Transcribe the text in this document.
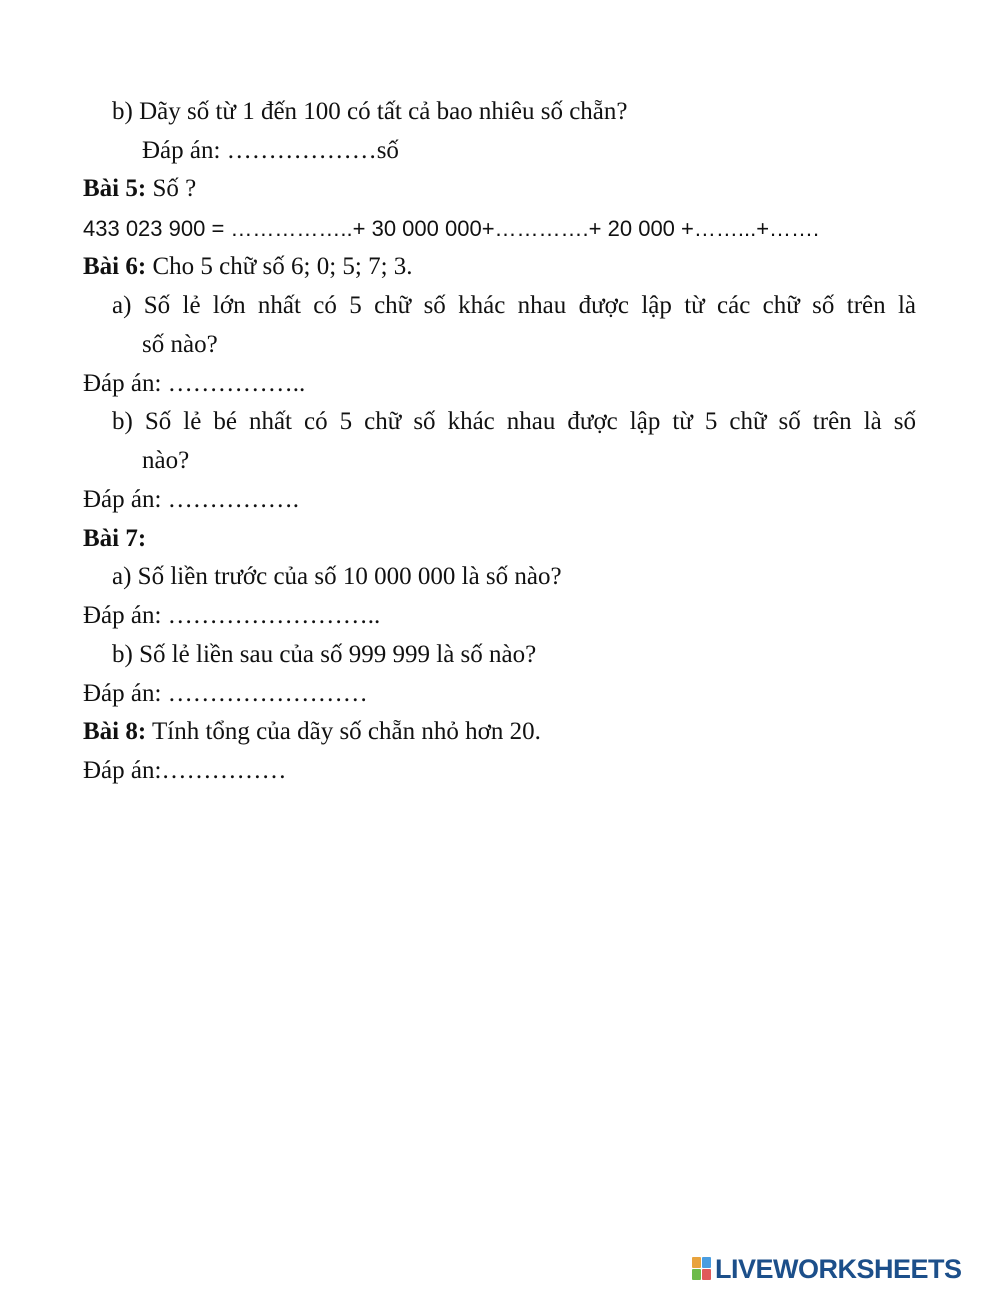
b) Dãy số từ 1 đến 100 có tất cả bao nhiêu số chẵn?
Đáp án: ………………số
Bài 5: Số ?
433 023 900 = ……………..+ 30 000 000+………….+ 20 000 +……...+…….
Bài 6: Cho 5 chữ số 6; 0; 5; 7; 3.
a) Số lẻ lớn nhất có 5 chữ số khác nhau được lập từ các chữ số trên là
số nào?
Đáp án: ……………..
b) Số lẻ bé nhất có 5 chữ số khác nhau được lập từ 5 chữ số trên là số
nào?
Đáp án: …………….
Bài 7:
a) Số liền trước của số 10 000 000 là số nào?
Đáp án: ……………………..
b) Số lẻ liền sau của số 999 999 là số nào?
Đáp án: ……………………
Bài 8: Tính tổng của dãy số chẵn nhỏ hơn 20.
Đáp án:……………
LIVEWORKSHEETS
